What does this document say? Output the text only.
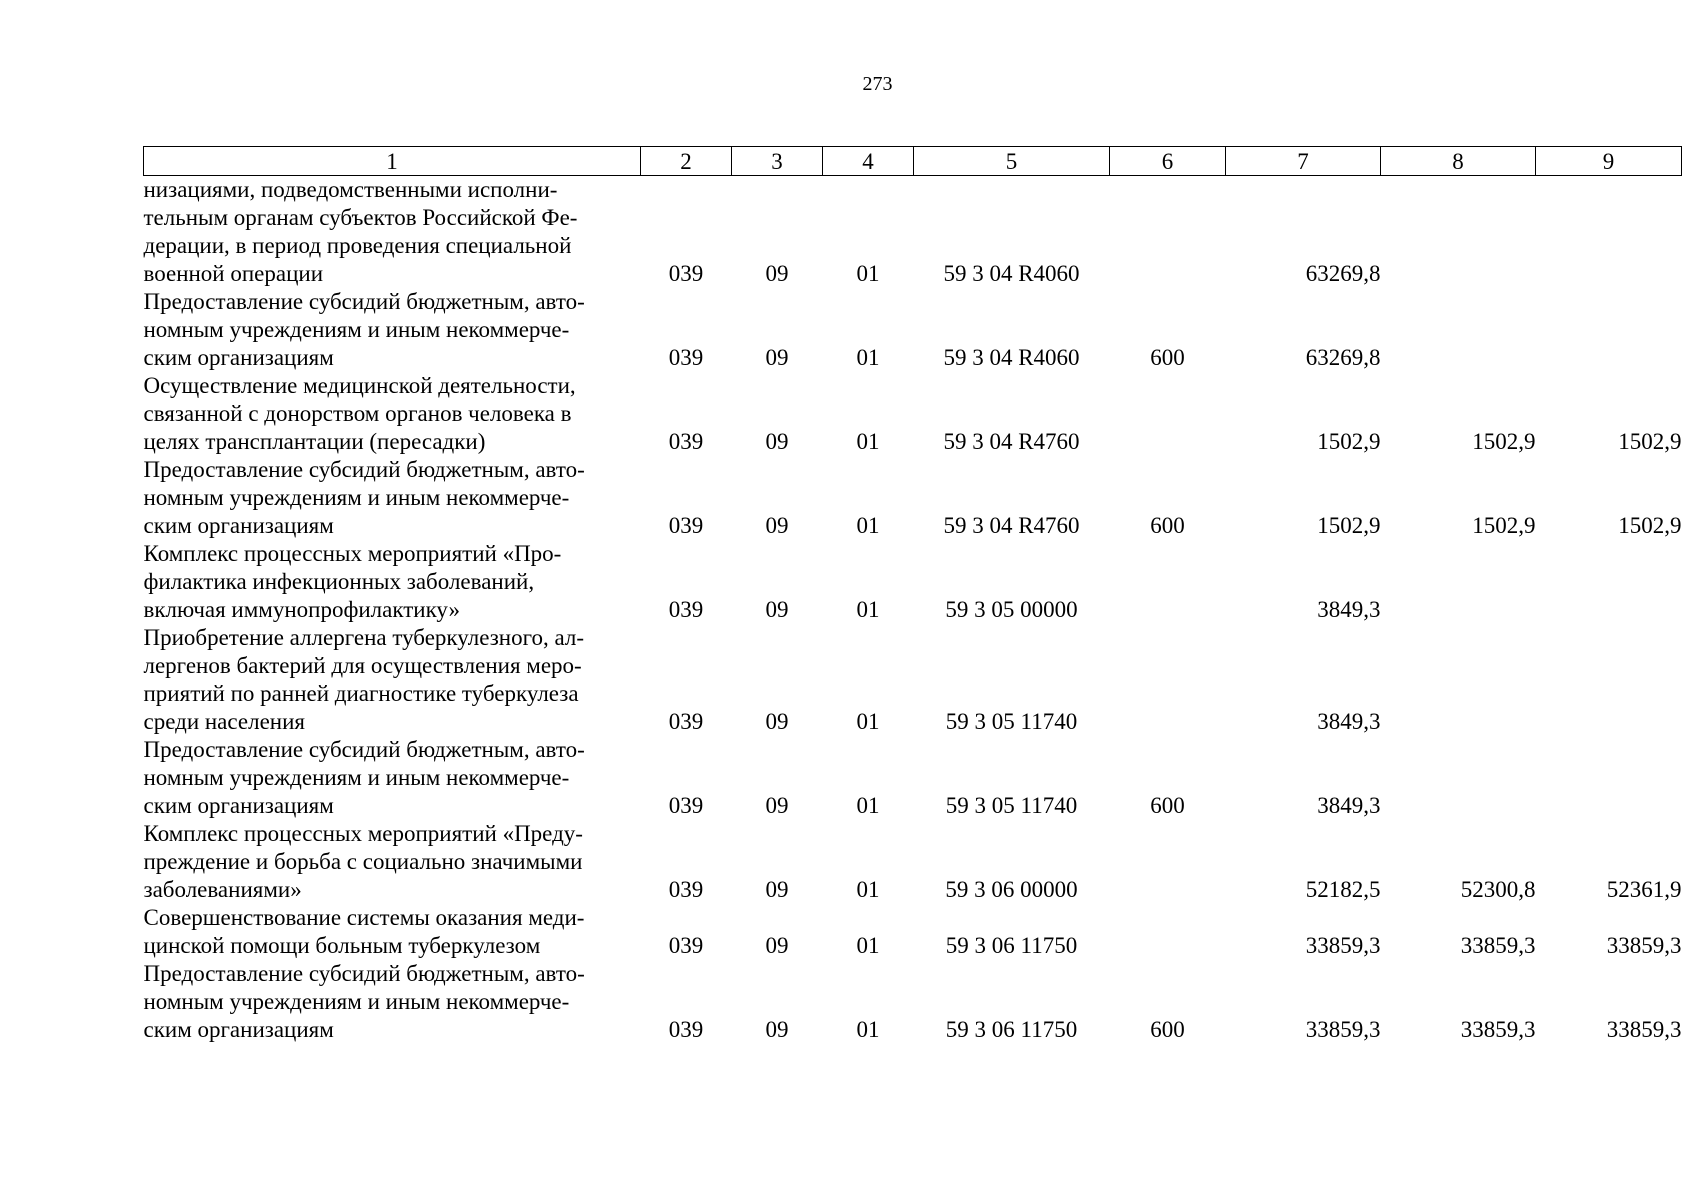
273
1	2	3	4	5	6	7	8	9

низациями, подведомственными исполни-
тельным органам субъектов Российской Фе-
дерации, в период проведения специальной
военной операции	039	09	01	59 3 04 R4060		63269,8		

Предоставление субсидий бюджетным, авто-
номным учреждениям и иным некоммерче-
ским организациям	039	09	01	59 3 04 R4060	600	63269,8		

Осуществление медицинской деятельности,
связанной с донорством органов человека в
целях трансплантации (пересадки)	039	09	01	59 3 04 R4760		1502,9	1502,9	1502,9

Предоставление субсидий бюджетным, авто-
номным учреждениям и иным некоммерче-
ским организациям	039	09	01	59 3 04 R4760	600	1502,9	1502,9	1502,9

Комплекс процессных мероприятий «Про-
филактика инфекционных заболеваний,
включая иммунопрофилактику»	039	09	01	59 3 05 00000		3849,3		

Приобретение аллергена туберкулезного, ал-
лергенов бактерий для осуществления меро-
приятий по ранней диагностике туберкулеза
среди населения	039	09	01	59 3 05 11740		3849,3		

Предоставление субсидий бюджетным, авто-
номным учреждениям и иным некоммерче-
ским организациям	039	09	01	59 3 05 11740	600	3849,3		

Комплекс процессных мероприятий «Преду-
преждение и борьба с социально значимыми
заболеваниями»	039	09	01	59 3 06 00000		52182,5	52300,8	52361,9

Совершенствование системы оказания меди-
цинской помощи больным туберкулезом	039	09	01	59 3 06 11750		33859,3	33859,3	33859,3

Предоставление субсидий бюджетным, авто-
номным учреждениям и иным некоммерче-
ским организациям	039	09	01	59 3 06 11750	600	33859,3	33859,3	33859,3
